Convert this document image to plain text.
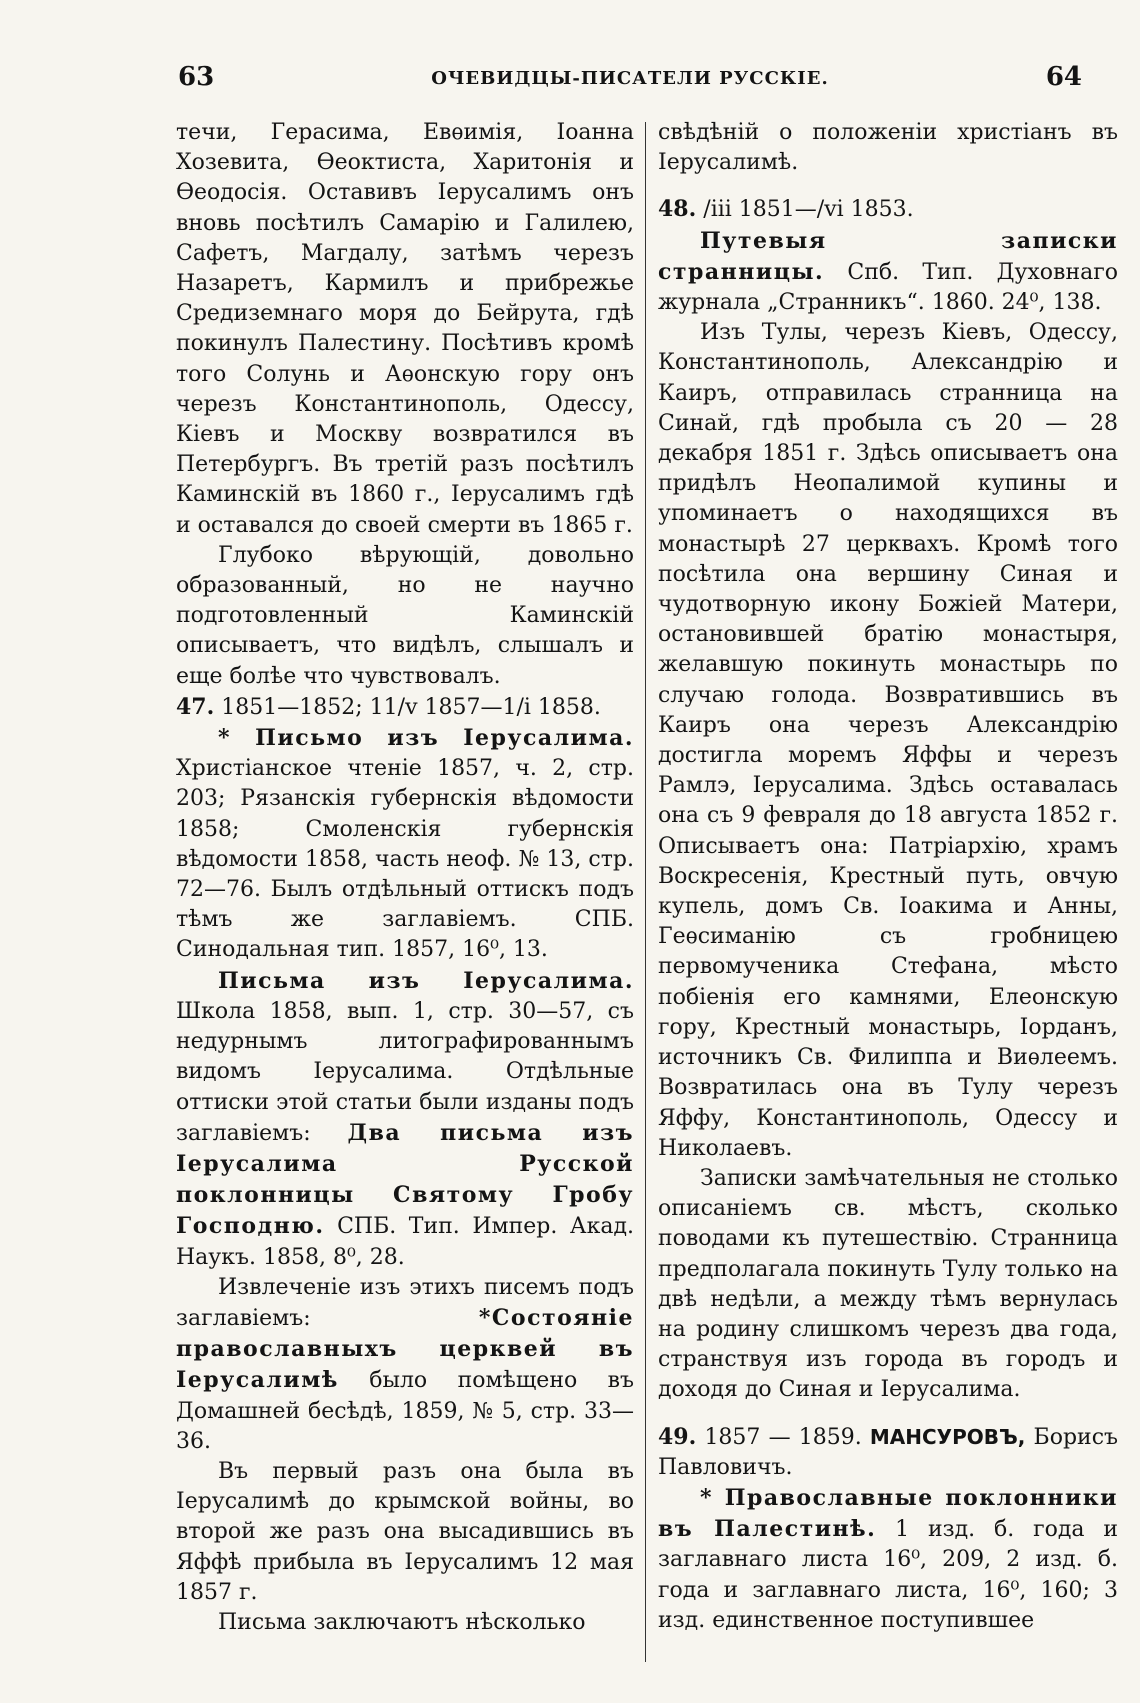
63	ОЧЕВИДЦЫ-ПИСАТЕЛИ РУССКІЕ.	64

течи, Герасима, Евѳимія, Іоанна Хозевита, Ѳеоктиста, Харитонія и Ѳеодосія. Оставивъ Іерусалимъ онъ вновь посѣтилъ Самарію и Галилею, Сафетъ, Магдалу, затѣмъ черезъ Назаретъ, Кармилъ и прибрежье Средиземнаго моря до Бейрута, гдѣ покинулъ Палестину. Посѣтивъ кромѣ того Солунь и Аѳонскую гору онъ черезъ Константинополь, Одессу, Кіевъ и Москву возвратился въ Петербургъ. Въ третій разъ посѣтилъ Каминскій въ 1860 г., Іерусалимъ гдѣ и оставался до своей смерти въ 1865 г.

Глубоко вѣрующій, довольно образованный, но не научно подготовленный Каминскій описываетъ, что видѣлъ, слышалъ и еще болѣе что чувствовалъ.

47. 1851—1852; 11/v 1857—1/i 1858.

* Письмо изъ Іерусалима. Христіанское чтеніе 1857, ч. 2, стр. 203; Рязанскія губернскія вѣдомости 1858; Смоленскія губернскія вѣдомости 1858, часть неоф. № 13, стр. 72—76. Былъ отдѣльный оттискъ подъ тѣмъ же заглавіемъ. СПБ. Синодальная тип. 1857, 16⁰, 13.

Письма изъ Іерусалима. Школа 1858, вып. 1, стр. 30—57, съ недурнымъ литографированнымъ видомъ Іерусалима. Отдѣльные оттиски этой статьи были изданы подъ заглавіемъ: Два письма изъ Іерусалима Русской поклонницы Святому Гробу Господню. СПБ. Тип. Импер. Акад. Наукъ. 1858, 8⁰, 28.

Извлеченіе изъ этихъ писемъ подъ заглавіемъ:	*Состояніе православныхъ церквей въ Іерусалимѣ было помѣщено въ Домашней бесѣдѣ, 1859, № 5, стр. 33—36.

Въ первый разъ она была въ Іерусалимѣ до крымской войны, во второй же разъ она высадившись въ Яффѣ прибыла въ Іерусалимъ 12 мая 1857 г.

Письма заключаютъ нѣсколько

свѣдѣній о положеніи христіанъ въ Іерусалимѣ.

48. /iii 1851—/vi 1853.

Путевыя записки странницы. Спб. Тип. Духовнаго журнала „Странникъ“. 1860. 24⁰, 138.

Изъ Тулы, черезъ Кіевъ, Одессу, Константинополь, Александрію и Каиръ, отправилась странница на Синай, гдѣ пробыла съ 20 — 28 декабря 1851 г. Здѣсь описываетъ она придѣлъ Неопалимой купины и упоминаетъ о находящихся въ монастырѣ 27 церквахъ. Кромѣ того посѣтила она вершину Синая и чудотворную икону Божіей Матери, остановившей братію монастыря, желавшую покинуть монастырь по случаю голода. Возвратившись въ Каиръ она черезъ Александрію достигла моремъ Яффы и черезъ Рамлэ, Іерусалима. Здѣсь оставалась она съ 9 февраля до 18 августа 1852 г. Описываетъ она: Патріархію, храмъ Воскресенія, Крестный путь, овчую купель, домъ Св. Іоакима и Анны, Геѳсиманію съ гробницею первомученика Стефана, мѣсто побіенія его камнями, Елеонскую гору, Крестный монастырь, Іорданъ, источникъ Св. Филиппа и Виѳлеемъ. Возвратилась она въ Тулу черезъ Яффу, Константинополь, Одессу и Николаевъ.

Записки замѣчательныя не столько описаніемъ св. мѣстъ, сколько поводами къ путешествію. Странница предполагала покинуть Тулу только на двѣ недѣли, а между тѣмъ вернулась на родину слишкомъ черезъ два года, странствуя изъ города въ городъ и доходя до Синая и Іерусалима.

49. 1857 — 1859. МАНСУРОВЪ, Борисъ Павловичъ.

* Православные поклонники въ Палестинѣ. 1 изд. б. года и заглавнаго листа 16⁰, 209, 2 изд. б. года и заглавнаго листа, 16⁰, 160; 3 изд. единственное поступившее
